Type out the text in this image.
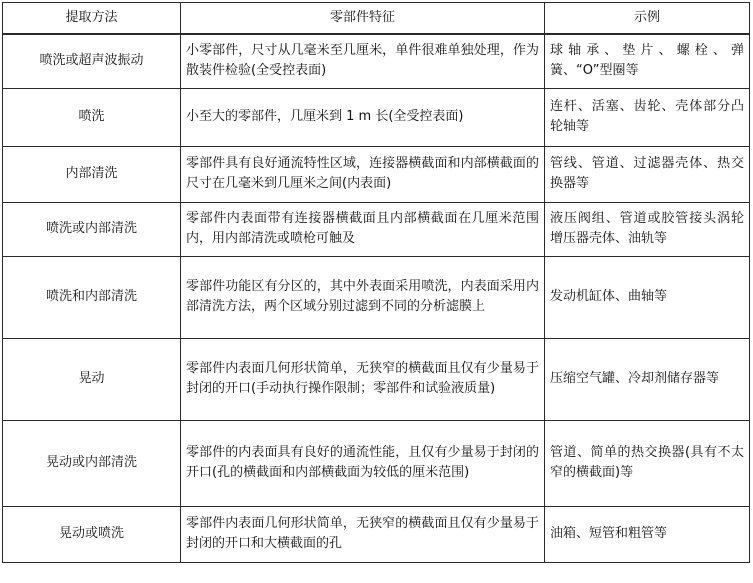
提取方法	零部件特征	示例
喷洗或超声波振动	小零部件，尺寸从几毫米至几厘米，单件很难单独处理，作为散装件检验(全受控表面)	球轴承、垫片、螺栓、弹簧、“O”型圈等
喷洗	小至大的零部件，几厘米到 1 m 长(全受控表面)	连杆、活塞、齿轮、壳体部分凸轮轴等
内部清洗	零部件具有良好通流特性区域，连接器横截面和内部横截面的尺寸在几毫米到几厘米之间(内表面)	管线、管道、过滤器壳体、热交换器等
喷洗或内部清洗	零部件内表面带有连接器横截面且内部横截面在几厘米范围内，用内部清洗或喷枪可触及	液压阀组、管道或胶管接头涡轮增压器壳体、油轨等
喷洗和内部清洗	零部件功能区有分区的，其中外表面采用喷洗，内表面采用内部清洗方法，两个区域分别过滤到不同的分析滤膜上	发动机缸体、曲轴等
晃动	零部件内表面几何形状简单，无狭窄的横截面且仅有少量易于封闭的开口(手动执行操作限制；零部件和试验液质量)	压缩空气罐、冷却剂储存器等
晃动或内部清洗	零部件的内表面具有良好的通流性能，且仅有少量易于封闭的开口(孔的横截面和内部横截面为较低的厘米范围)	管道、简单的热交换器(具有不太窄的横截面)等
晃动或喷洗	零部件内表面几何形状简单，无狭窄的横截面且仅有少量易于封闭的开口和大横截面的孔	油箱、短管和粗管等
